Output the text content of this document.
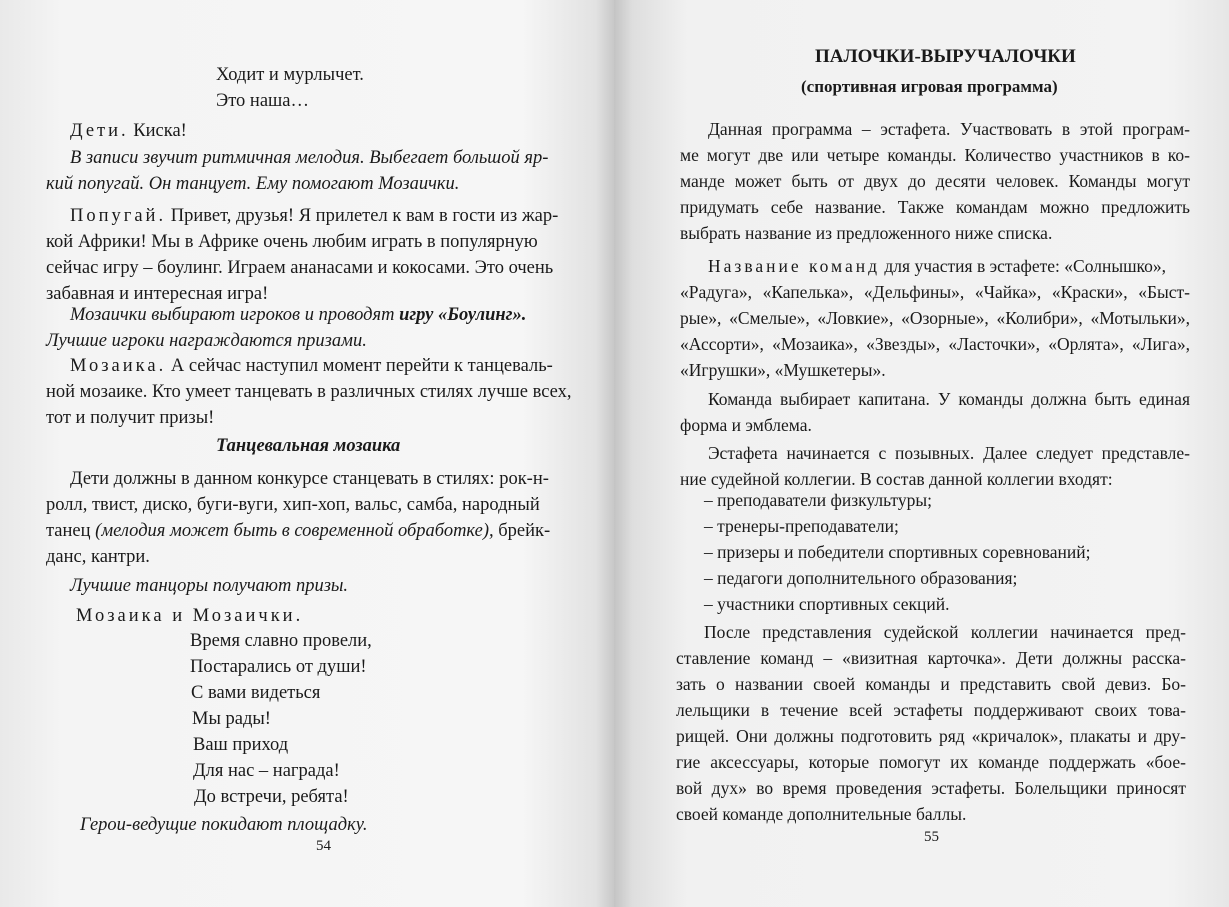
Ходит и мурлычет.

Это наша…

Дети. Киска!

В записи звучит ритмичная мелодия. Выбегает большой яр-

кий попугай. Он танцует. Ему помогают Мозаички.

Попугай. Привет, друзья! Я прилетел к вам в гости из жар-

кой Африки! Мы в Африке очень любим играть в популярную

сейчас игру – боулинг. Играем ананасами и кокосами. Это очень

забавная и интересная игра!

Мозаички выбирают игроков и проводят игру «Боулинг».

Лучшие игроки награждаются призами.

Мозаика. А сейчас наступил момент перейти к танцеваль-

ной мозаике. Кто умеет танцевать в различных стилях лучше всех,

тот и получит призы!

Танцевальная мозаика

Дети должны в данном конкурсе станцевать в стилях: рок-н-

ролл, твист, диско, буги-вуги, хип-хоп, вальс, самба, народный

танец (мелодия может быть в современной обработке), брейк-

данс, кантри.

Лучшие танцоры получают призы.

Мозаика и Мозаички.

Время славно провели,

Постарались от души!

С вами видеться

Мы рады!

Ваш приход

Для нас – награда!

До встречи, ребята!

Герои-ведущие покидают площадку.

54

ПАЛОЧКИ-ВЫРУЧАЛОЧКИ

(спортивная игровая программа)

Данная программа – эстафета. Участвовать в этой програм-

ме могут две или четыре команды. Количество участников в ко-

манде может быть от двух до десяти человек. Команды могут

придумать себе название. Также командам можно предложить

выбрать название из предложенного ниже списка.

Название команд для участия в эстафете: «Солнышко»,

«Радуга», «Капелька», «Дельфины», «Чайка», «Краски», «Быст-

рые», «Смелые», «Ловкие», «Озорные», «Колибри», «Мотыльки»,

«Ассорти», «Мозаика», «Звезды», «Ласточки», «Орлята», «Лига»,

«Игрушки», «Мушкетеры».

Команда выбирает капитана. У команды должна быть единая

форма и эмблема.

Эстафета начинается с позывных. Далее следует представле-

ние судейной коллегии. В состав данной коллегии входят:

– преподаватели физкультуры;

– тренеры-преподаватели;

– призеры и победители спортивных соревнований;

– педагоги дополнительного образования;

– участники спортивных секций.

После представления судейской коллегии начинается пред-

ставление команд – «визитная карточка». Дети должны расска-

зать о названии своей команды и представить свой девиз. Бо-

лельщики в течение всей эстафеты поддерживают своих това-

рищей. Они должны подготовить ряд «кричалок», плакаты и дру-

гие аксессуары, которые помогут их команде поддержать «бое-

вой дух» во время проведения эстафеты. Болельщики приносят

своей команде дополнительные баллы.

55
